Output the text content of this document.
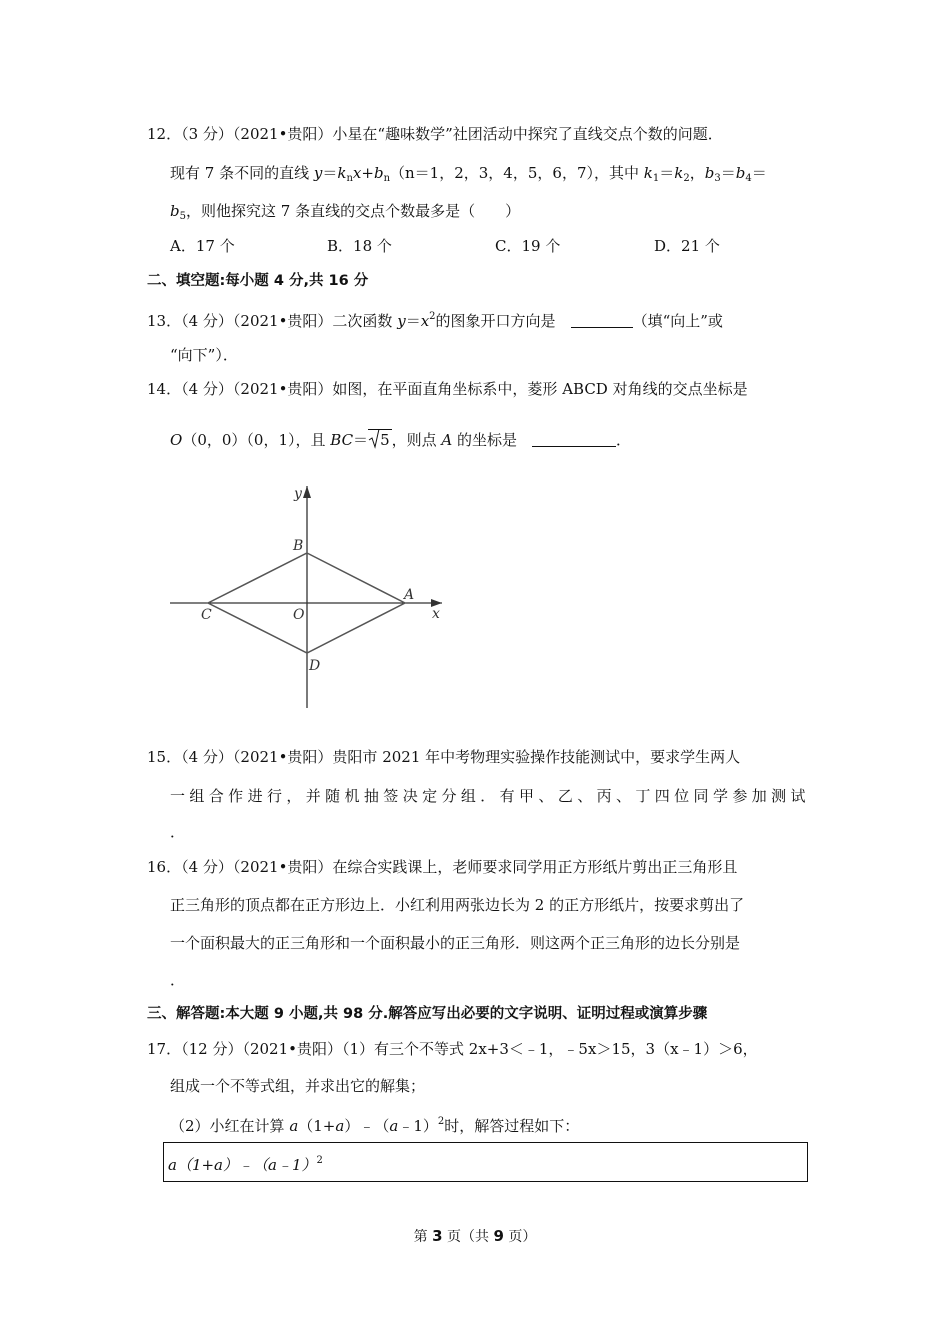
12．（3 分）（2021•贵阳）小星在“趣味数学”社团活动中探究了直线交点个数的问题．
现有 7 条不同的直线 $y=k_nx+b_n(n=1$，2，3，4，5，6，7），其中 $k_1=k_2$，$b_3=b_4=$
$b_5$，则他探究这 7 条直线的交点个数最多是（　　）
A．17 个	B．18 个	C．19 个	D．21 个
二、填空题:每小题 4 分,共 16 分
13．（4 分）（2021•贵阳）二次函数 $y=x^2$的图象开口方向是　	（填“向上”或
“向下”）．
14．（4 分）（2021•贵阳）如图，在平面直角坐标系中，菱形 ABCD 对角线的交点坐标是
O（0，0）（0，1），且 BC＝ 5 ，则点 A 的坐标是　	．
y
x
B
A
C	O
D
15．（4 分）（2021•贵阳）贵阳市 2021 年中考物理实验操作技能测试中，要求学生两人
一 组 合 作 进 行 ， 并 随 机 抽 签 决 定 分 组 ． 有 甲 、 乙 、 丙 、 丁 四 位 同 学 参 加 测 试
．
16．（4 分）（2021•贵阳）在综合实践课上，老师要求同学用正方形纸片剪出正三角形且
正三角形的顶点都在正方形边上．小红利用两张边长为 2 的正方形纸片，按要求剪出了
一个面积最大的正三角形和一个面积最小的正三角形．则这两个正三角形的边长分别是
．
三、解答题:本大题 9 小题,共 98 分.解答应写出必要的文字说明、证明过程或演算步骤
17．（12 分）（2021•贵阳）（1）有三个不等式 2x+3＜﹣1，﹣5x＞15，3（x﹣1）＞6，
组成一个不等式组，并求出它的解集；
（2）小红在计算 a（1+a）﹣（a﹣1）$^2$时，解答过程如下：
a（1+a）﹣（a﹣1）$^2$
第 3 页（共 9 页）
